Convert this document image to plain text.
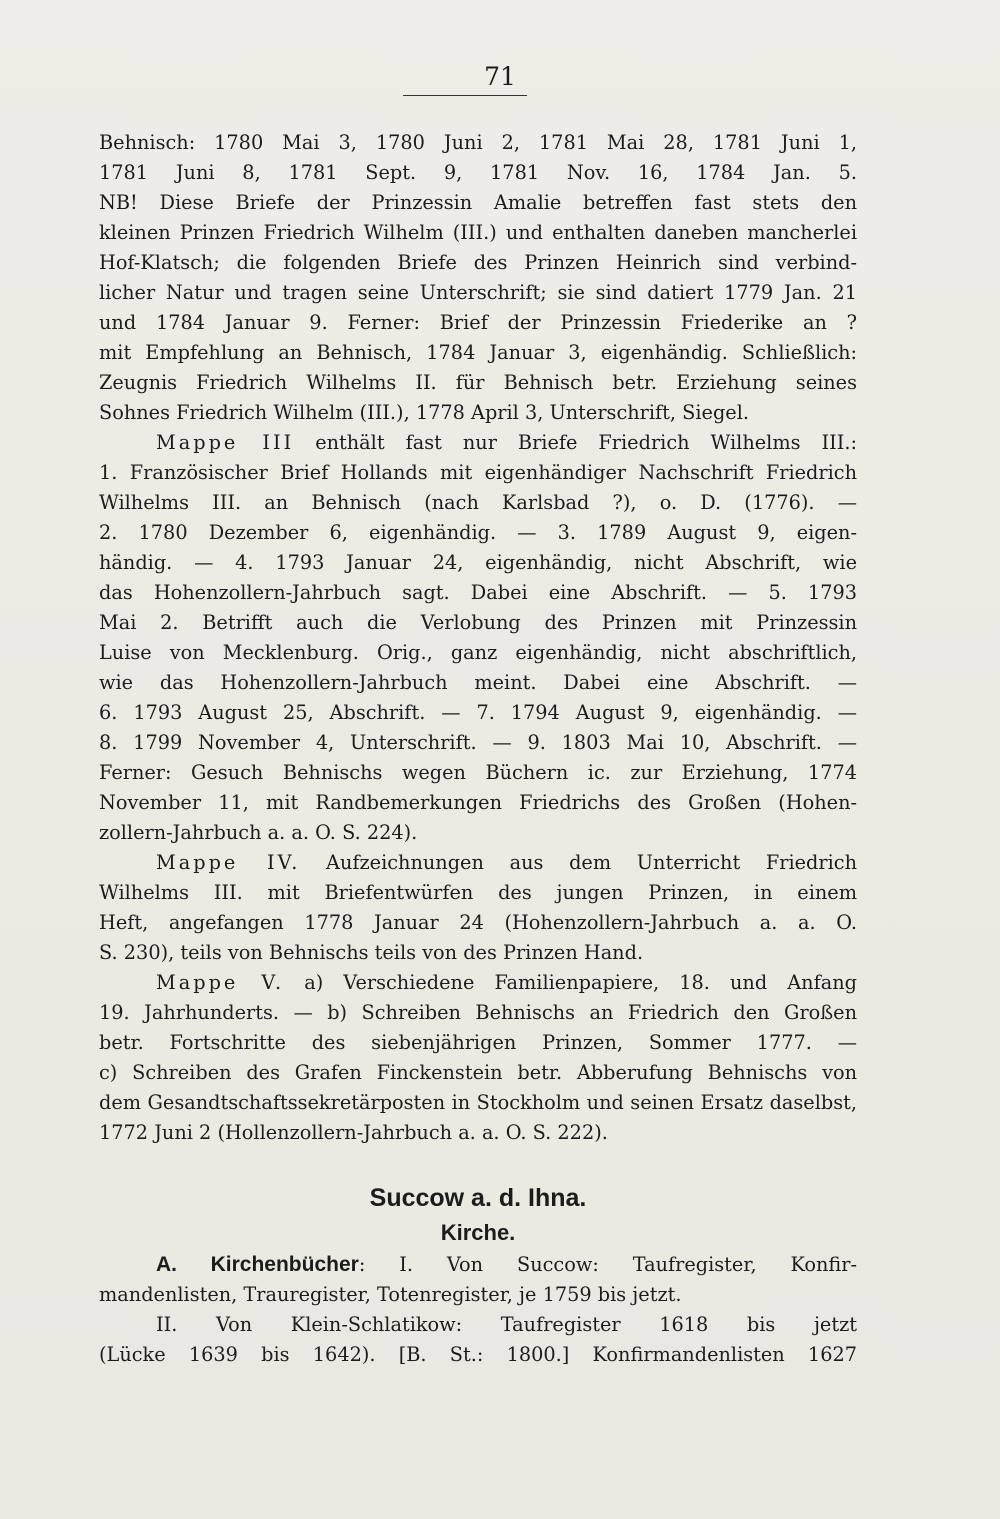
71
Behnisch: 1780 Mai 3, 1780 Juni 2, 1781 Mai 28, 1781 Juni 1,
1781 Juni 8, 1781 Sept. 9, 1781 Nov. 16, 1784 Jan. 5.
NB! Diese Briefe der Prinzessin Amalie betreffen fast stets den
kleinen Prinzen Friedrich Wilhelm (III.) und enthalten daneben mancherlei
Hof-Klatsch; die folgenden Briefe des Prinzen Heinrich sind verbind-
licher Natur und tragen seine Unterschrift; sie sind datiert 1779 Jan. 21
und 1784 Januar 9. Ferner: Brief der Prinzessin Friederike an ?
mit Empfehlung an Behnisch, 1784 Januar 3, eigenhändig. Schließlich:
Zeugnis Friedrich Wilhelms II. für Behnisch betr. Erziehung seines
Sohnes Friedrich Wilhelm (III.), 1778 April 3, Unterschrift, Siegel.
Mappe III enthält fast nur Briefe Friedrich Wilhelms III.:
1. Französischer Brief Hollands mit eigenhändiger Nachschrift Friedrich
Wilhelms III. an Behnisch (nach Karlsbad ?), o. D. (1776). —
2. 1780 Dezember 6, eigenhändig. — 3. 1789 August 9, eigen-
händig. — 4. 1793 Januar 24, eigenhändig, nicht Abschrift, wie
das Hohenzollern-Jahrbuch sagt. Dabei eine Abschrift. — 5. 1793
Mai 2. Betrifft auch die Verlobung des Prinzen mit Prinzessin
Luise von Mecklenburg. Orig., ganz eigenhändig, nicht abschriftlich,
wie das Hohenzollern-Jahrbuch meint. Dabei eine Abschrift. —
6. 1793 August 25, Abschrift. — 7. 1794 August 9, eigenhändig. —
8. 1799 November 4, Unterschrift. — 9. 1803 Mai 10, Abschrift. —
Ferner: Gesuch Behnischs wegen Büchern ic. zur Erziehung, 1774
November 11, mit Randbemerkungen Friedrichs des Großen (Hohen-
zollern-Jahrbuch a. a. O. S. 224).
Mappe IV. Aufzeichnungen aus dem Unterricht Friedrich
Wilhelms III. mit Briefentwürfen des jungen Prinzen, in einem
Heft, angefangen 1778 Januar 24 (Hohenzollern-Jahrbuch a. a. O.
S. 230), teils von Behnischs teils von des Prinzen Hand.
Mappe V. a) Verschiedene Familienpapiere, 18. und Anfang
19. Jahrhunderts. — b) Schreiben Behnischs an Friedrich den Großen
betr. Fortschritte des siebenjährigen Prinzen, Sommer 1777. —
c) Schreiben des Grafen Finckenstein betr. Abberufung Behnischs von
dem Gesandtschaftssekretärposten in Stockholm und seinen Ersatz daselbst,
1772 Juni 2 (Hollenzollern-Jahrbuch a. a. O. S. 222).
Succow a. d. Ihna.
Kirche.
A. Kirchenbücher: I. Von Succow: Taufregister, Konfir-
mandenlisten, Trauregister, Totenregister, je 1759 bis jetzt.
II. Von Klein-Schlatikow: Taufregister 1618 bis jetzt
(Lücke 1639 bis 1642). [B. St.: 1800.] Konfirmandenlisten 1627
